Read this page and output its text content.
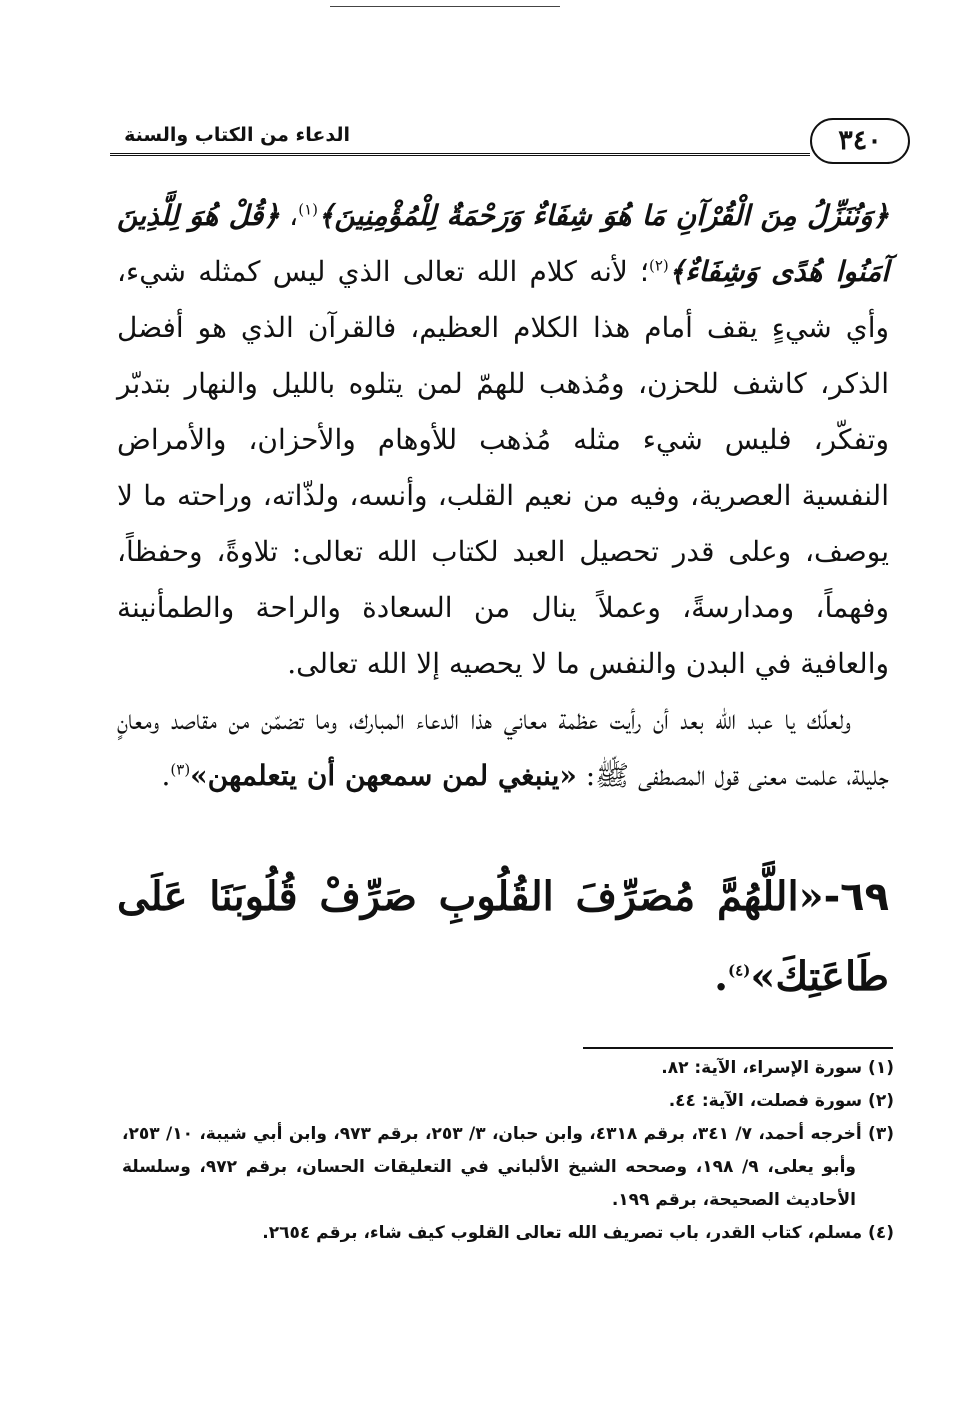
الدعاء من الكتاب والسنة	٣٤٠

﴿وَنُنَزِّلُ مِنَ الْقُرْآنِ مَا هُوَ شِفَاءٌ وَرَحْمَةٌ لِلْمُؤْمِنِينَ﴾$^{(١)}$، ﴿قُلْ هُوَ لِلَّذِينَ آمَنُوا هُدًى وَشِفَاءٌ﴾$^{(٢)}$؛ لأنه كلام الله تعالى الذي ليس كمثله شيء، وأي شيءٍ يقف أمام هذا الكلام العظيم، فالقرآن الذي هو أفضل الذكر، كاشف للحزن، ومُذهب للهمّ لمن يتلوه بالليل والنهار بتدبّر وتفكّر، فليس شيء مثله مُذهب للأوهام والأحزان، والأمراض النفسية العصرية، وفيه من نعيم القلب، وأنسه، ولذّاته، وراحته ما لا يوصف، وعلى قدر تحصيل العبد لكتاب الله تعالى: تلاوةً، وحفظاً، وفهماً، ومدارسةً، وعملاً ينال من السعادة والراحة والطمأنينة والعافية في البدن والنفس ما لا يحصيه إلا الله تعالى.

ولعلّك يا عبد الله بعد أن رأيت عظمة معاني هذا الدعاء المبارك، وما تضمّن من مقاصد ومعانٍ جليلة، علمت معنى قول المصطفى ﷺ: «ينبغي لمن سمعهن أن يتعلمهن»$^{(٣)}$.

٦٩-«اللَّهُمَّ مُصَرِّفَ القُلُوبِ صَرِّفْ قُلُوبَنَا عَلَى طَاعَتِكَ»$^{(٤)}$.

(١) سورة الإسراء، الآية: ٨٢.

(٢) سورة فصلت، الآية: ٤٤.

(٣) أخرجه أحمد، ٧/ ٣٤١، برقم ٤٣١٨، وابن حبان، ٣/ ٢٥٣، برقم ٩٧٣، وابن أبي شيبة، ١٠/ ٢٥٣، وأبو يعلى، ٩/ ١٩٨، وصححه الشيخ الألباني في التعليقات الحسان، برقم ٩٧٢، وسلسلة الأحاديث الصحيحة، برقم ١٩٩.

(٤) مسلم، كتاب القدر، باب تصريف الله تعالى القلوب كيف شاء، برقم ٢٦٥٤.
